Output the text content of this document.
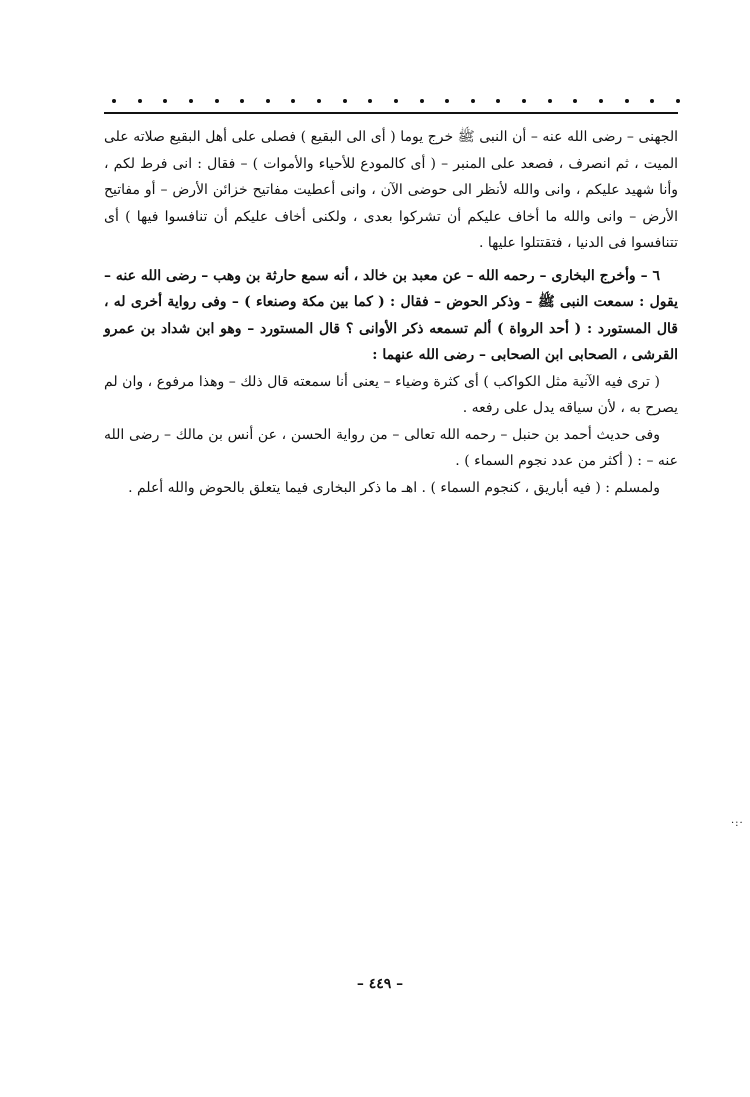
الجهنى – رضى الله عنه – أن النبى ﷺ خرج يوما ( أى الى البقيع ) فصلى على أهل البقيع صلاته على الميت ، ثم انصرف ، فصعد على المنبر – ( أى كالمودع للأحياء والأموات ) – فقال : انى فرط لكم ، وأنا شهيد عليكم ، وانى والله لأنظر الى حوضى الآن ، وانى أعطيت مفاتيح خزائن الأرض – أو مفاتيح الأرض – وانى والله ما أخاف عليكم أن تشركوا بعدى ، ولكنى أخاف عليكم أن تنافسوا فيها ) أى تتنافسوا فى الدنيا ، فتقتتلوا عليها .

٦ – وأخرج البخارى – رحمه الله – عن معبد بن خالد ، أنه سمع حارثة بن وهب – رضى الله عنه – يقول : سمعت النبى ﷺ – وذكر الحوض – فقال : ( كما بين مكة وصنعاء ) – وفى رواية أخرى له ، قال المستورد : ( أحد الرواة ) ألم تسمعه ذكر الأوانى ؟ قال المستورد – وهو ابن شداد بن عمرو القرشى ، الصحابى ابن الصحابى – رضى الله عنهما :

( ترى فيه الآنية مثل الكواكب ) أى كثرة وضياء – يعنى أنا سمعته قال ذلك – وهذا مرفوع ، وان لم يصرح به ، لأن سياقه يدل على رفعه .

وفى حديث أحمد بن حنبل – رحمه الله تعالى – من رواية الحسن ، عن أنس بن مالك – رضى الله عنه – : ( أكثر من عدد نجوم السماء ) .

ولمسلم : ( فيه أباريق ، كنجوم السماء ) . اهـ ما ذكر البخارى فيما يتعلق بالحوض والله أعلم .

·:·
– ٤٤٩ –
